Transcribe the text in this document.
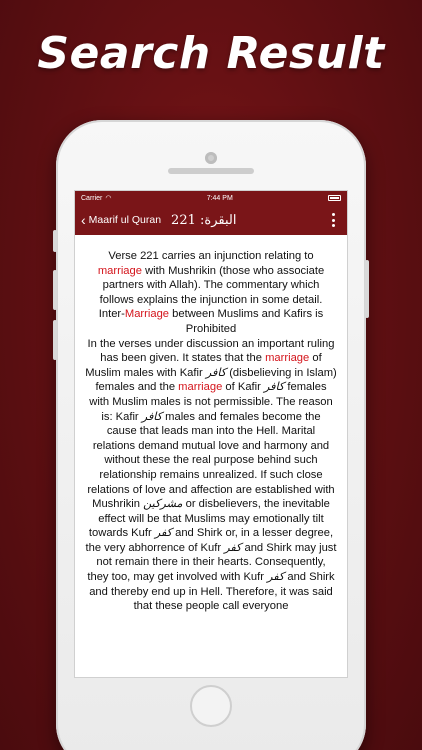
Search Result
Carrier ◠	7:44 PM
‹ Maarif ul Quran البقرة: 221

Verse 221 carries an injunction relating to marriage with Mushrikin (those who associate partners with Allah). The commentary which follows explains the injunction in some detail.

Inter-Marriage between Muslims and Kafirs is Prohibited

In the verses under discussion an important ruling has been given. It states that the marriage of Muslim males with Kafir کافر (disbelieving in Islam) females and the marriage of Kafir کافر females with Muslim males is not permissible. The reason is: Kafir کافر males and females become the cause that leads man into the Hell. Marital relations demand mutual love and harmony and without these the real purpose behind such relationship remains unrealized. If such close relations of love and affection are established with Mushrikin مشرکین or disbelievers, the inevitable effect will be that Muslims may emotionally tilt towards Kufr کفر and Shirk or, in a lesser degree, the very abhorrence of Kufr کفر and Shirk may just not remain there in their hearts. Consequently, they too, may get involved with Kufr کفر and Shirk and thereby end up in Hell. Therefore, it was said that these people call everyone
